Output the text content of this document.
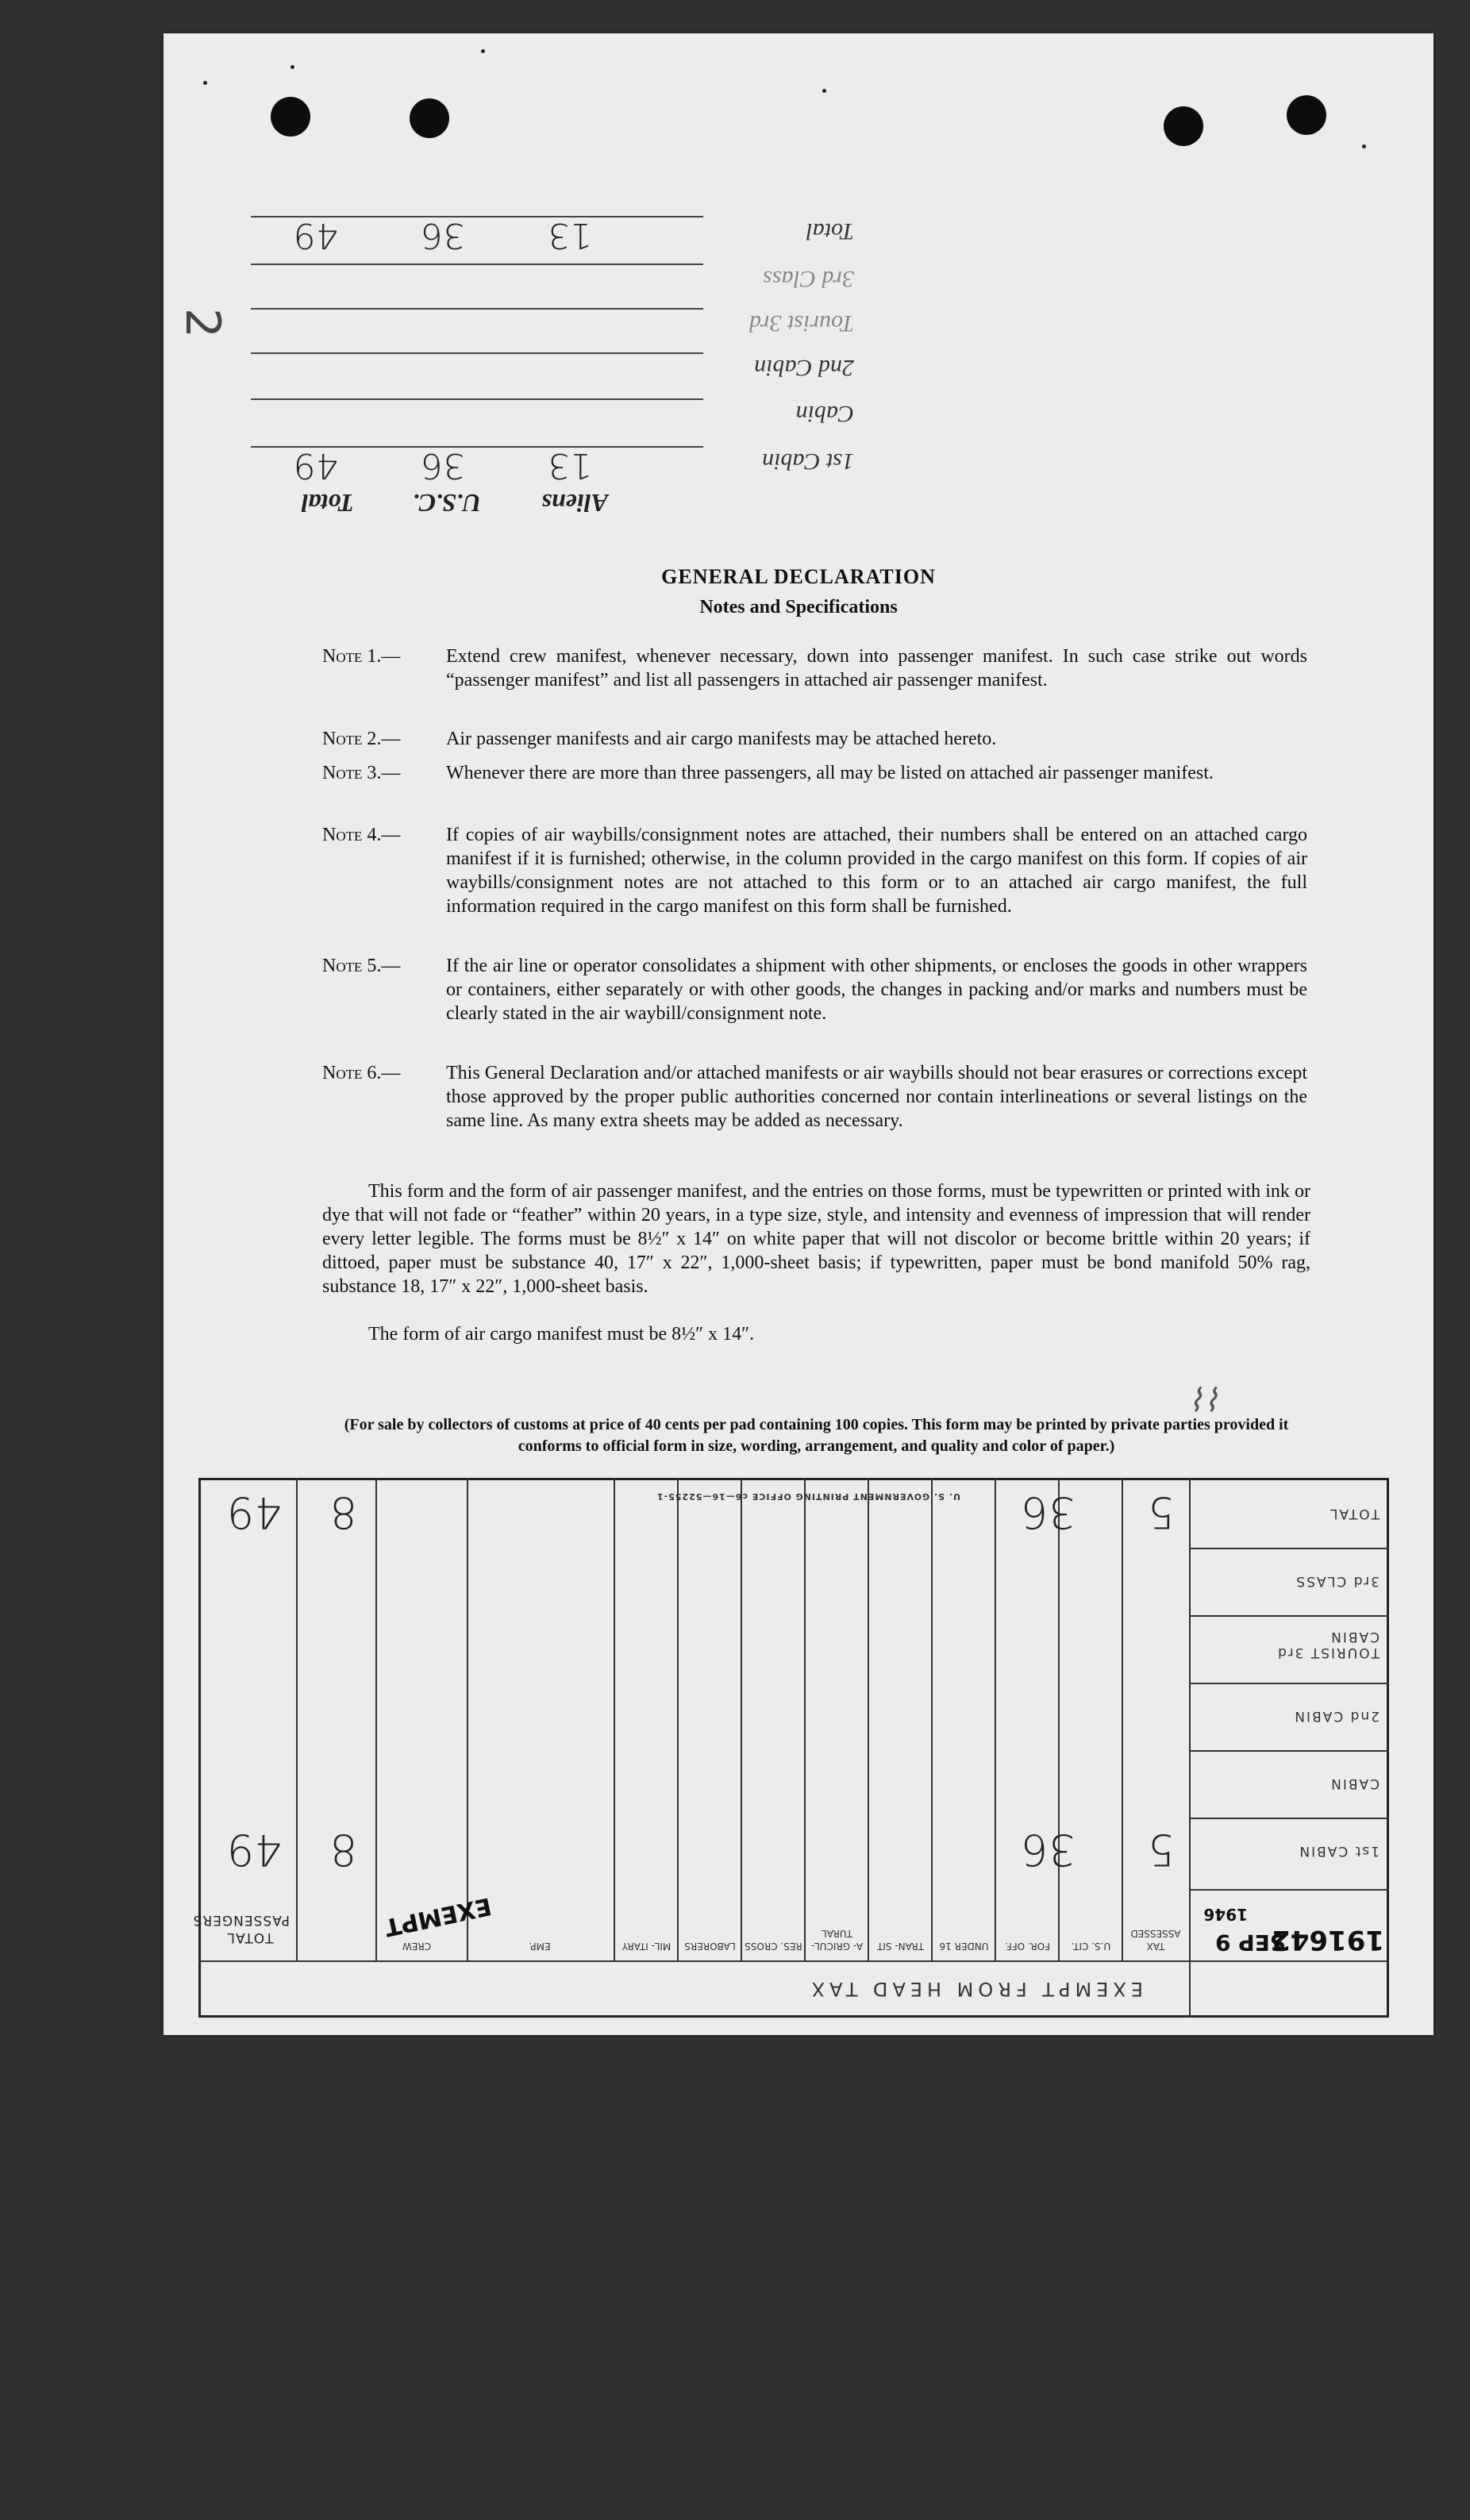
2
Aliens
U.S.C.
Total
1st Cabin
13
36
49
Cabin
2nd Cabin
Tourist 3rd
3rd Class
Total
13
36
49
GENERAL DECLARATION
Notes and Specifications
Note 1.— Extend crew manifest, whenever necessary, down into passenger manifest. In such case strike out words “passenger manifest” and list all passengers in attached air passenger manifest.
Note 2.— Air passenger manifests and air cargo manifests may be attached hereto.
Note 3.— Whenever there are more than three passengers, all may be listed on attached air passenger manifest.
Note 4.— If copies of air waybills/consignment notes are attached, their numbers shall be entered on an attached cargo manifest if it is furnished; otherwise, in the column provided in the cargo manifest on this form. If copies of air waybills/consignment notes are not attached to this form or to an attached air cargo manifest, the full information required in the cargo manifest on this form shall be furnished.
Note 5.— If the air line or operator consolidates a shipment with other shipments, or encloses the goods in other wrappers or containers, either separately or with other goods, the changes in packing and/or marks and numbers must be clearly stated in the air waybill/consignment note.
Note 6.— This General Declaration and/or attached manifests or air waybills should not bear erasures or corrections except those approved by the proper public authorities concerned nor contain interlineations or several listings on the same line. As many extra sheets may be added as necessary.
This form and the form of air passenger manifest, and the entries on those forms, must be typewritten or printed with ink or dye that will not fade or “feather” within 20 years, in a type size, style, and intensity and evenness of impression that will render every letter legible. The forms must be 8½″ x 14″ on white paper that will not discolor or become brittle within 20 years; if dittoed, paper must be substance 40, 17″ x 22″, 1,000-sheet basis; if typewritten, paper must be bond manifold 50% rag, substance 18, 17″ x 22″, 1,000-sheet basis.
The form of air cargo manifest must be 8½″ x 14″.
(For sale by collectors of customs at price of 40 cents per pad containing 100 copies. This form may be printed by private parties provided it conforms to official form in size, wording, arrangement, and quality and color of paper.)
⌇⌇
EXEMPT FROM HEAD TAX
TOTAL PASSENGERS
1st CABIN
CABIN
2nd CABIN
TOURIST 3rd CABIN
3rd CLASS
TOTAL
TAX ASSESSED
U.S. CIT.
FOR. OFF.
UNDER 16
TRAN- SIT
A- GRICUL- TURAL
RES. CROSS
LABORERS
MIL- ITARY
EMP.
CREW
U. S. GOVERNMENT PRINTING OFFICE c6—16—52255-1
5
36
8
49
5
36
8
49
191642
SEP 9
1946
EXEMPT
